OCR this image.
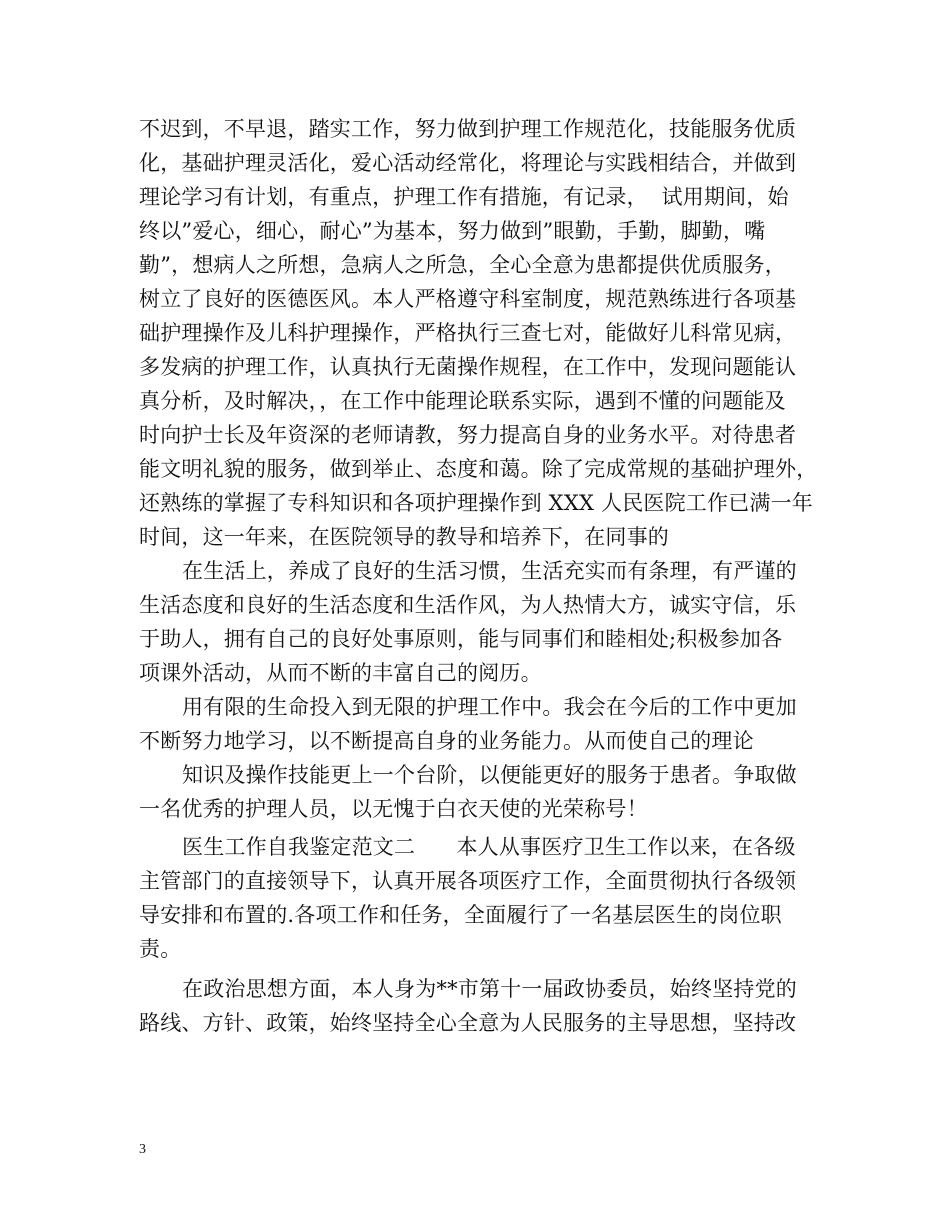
不迟到，不早退，踏实工作，努力做到护理工作规范化，技能服务优质
化，基础护理灵活化，爱心活动经常化，将理论与实践相结合，并做到
理论学习有计划，有重点，护理工作有措施，有记录，  试用期间，始
终以”爱心，细心，耐心”为基本，努力做到”眼勤，手勤，脚勤，嘴
勤”，想病人之所想，急病人之所急，全心全意为患都提供优质服务，
树立了良好的医德医风。本人严格遵守科室制度，规范熟练进行各项基
础护理操作及儿科护理操作，严格执行三查七对，能做好儿科常见病，
多发病的护理工作，认真执行无菌操作规程，在工作中，发现问题能认
真分析，及时解决，，在工作中能理论联系实际，遇到不懂的问题能及
时向护士长及年资深的老师请教，努力提高自身的业务水平。对待患者
能文明礼貌的服务，做到举止、态度和蔼。除了完成常规的基础护理外，
还熟练的掌握了专科知识和各项护理操作到 XXX 人民医院工作已满一年
时间，这一年来，在医院领导的教导和培养下，在同事的
在生活上，养成了良好的生活习惯，生活充实而有条理，有严谨的
生活态度和良好的生活态度和生活作风，为人热情大方，诚实守信，乐
于助人，拥有自己的良好处事原则，能与同事们和睦相处;积极参加各
项课外活动，从而不断的丰富自己的阅历。
用有限的生命投入到无限的护理工作中。我会在今后的工作中更加
不断努力地学习，以不断提高自身的业务能力。从而使自己的理论
知识及操作技能更上一个台阶，以便能更好的服务于患者。争取做
一名优秀的护理人员，以无愧于白衣天使的光荣称号！
医生工作自我鉴定范文二      本人从事医疗卫生工作以来，在各级
主管部门的直接领导下，认真开展各项医疗工作，全面贯彻执行各级领
导安排和布置的.各项工作和任务，全面履行了一名基层医生的岗位职
责。
在政治思想方面，本人身为**市第十一届政协委员，始终坚持党的
路线、方针、政策，始终坚持全心全意为人民服务的主导思想，坚持改
3
